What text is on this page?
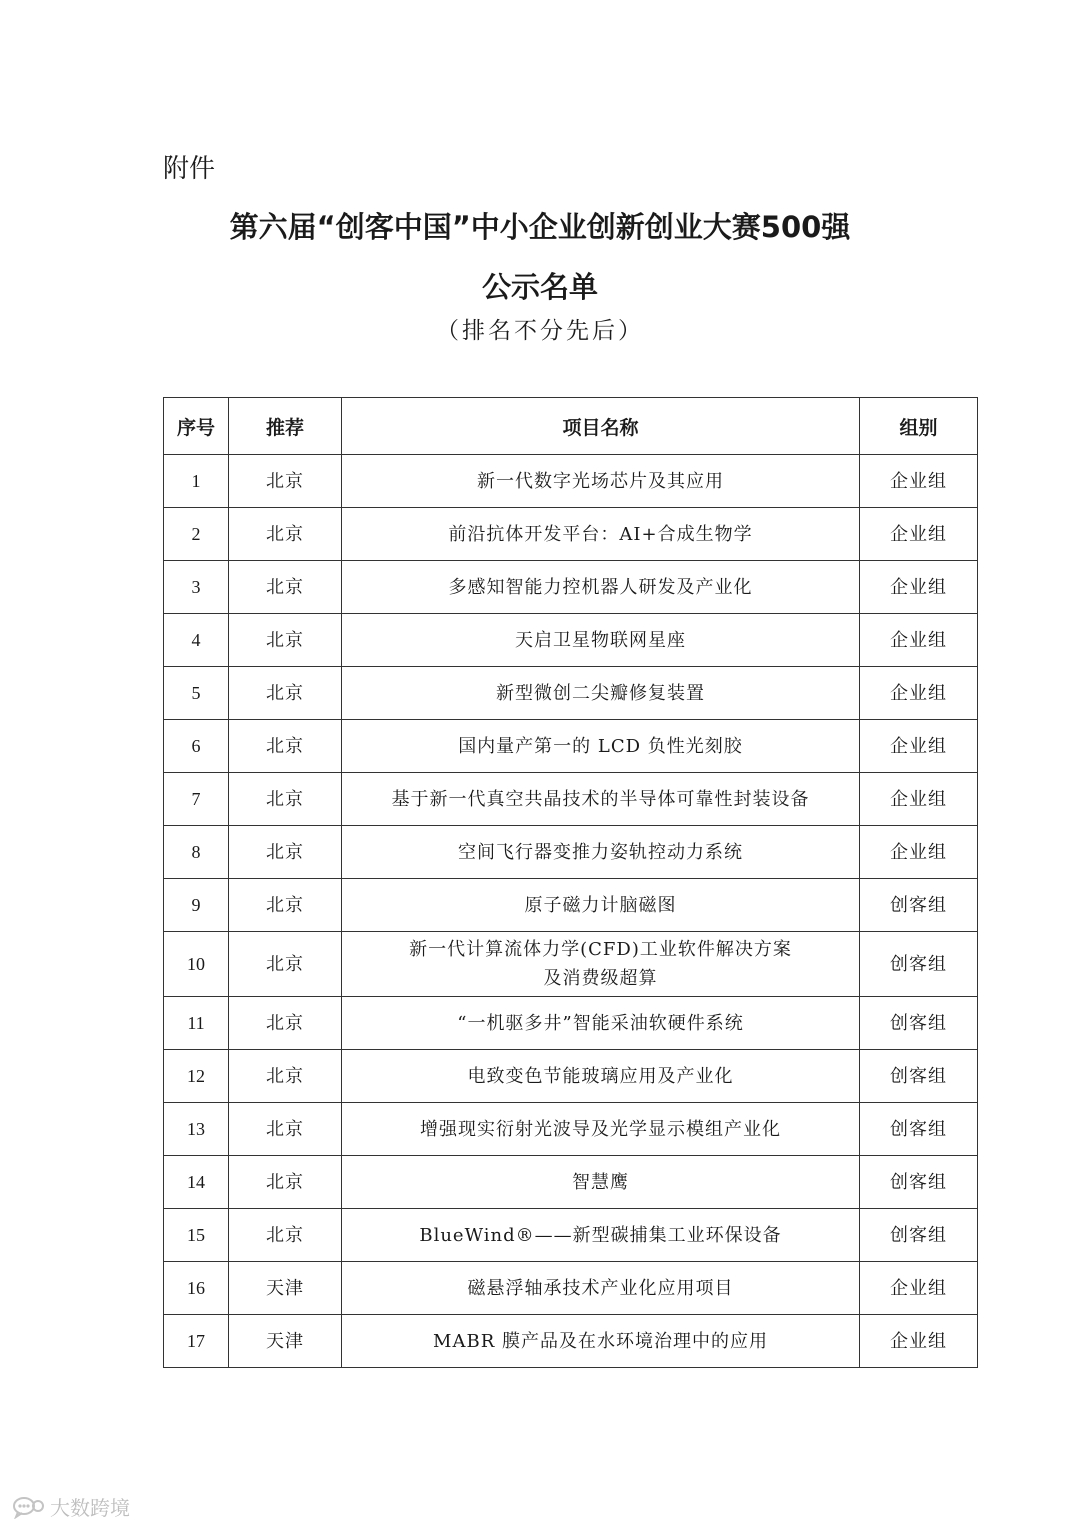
附件
第六届“创客中国”中小企业创新创业大赛500强
公示名单
（排名不分先后）
序号	推荐	项目名称	组别
1	北京	新一代数字光场芯片及其应用	企业组
2	北京	前沿抗体开发平台：AI+合成生物学	企业组
3	北京	多感知智能力控机器人研发及产业化	企业组
4	北京	天启卫星物联网星座	企业组
5	北京	新型微创二尖瓣修复装置	企业组
6	北京	国内量产第一的 LCD 负性光刻胶	企业组
7	北京	基于新一代真空共晶技术的半导体可靠性封装设备	企业组
8	北京	空间飞行器变推力姿轨控动力系统	企业组
9	北京	原子磁力计脑磁图	创客组
10	北京	新一代计算流体力学(CFD)工业软件解决方案
及消费级超算	创客组
11	北京	“一机驱多井”智能采油软硬件系统	创客组
12	北京	电致变色节能玻璃应用及产业化	创客组
13	北京	增强现实衍射光波导及光学显示模组产业化	创客组
14	北京	智慧鹰	创客组
15	北京	BlueWind®——新型碳捕集工业环保设备	创客组
16	天津	磁悬浮轴承技术产业化应用项目	企业组
17	天津	MABR 膜产品及在水环境治理中的应用	企业组
大数跨境
